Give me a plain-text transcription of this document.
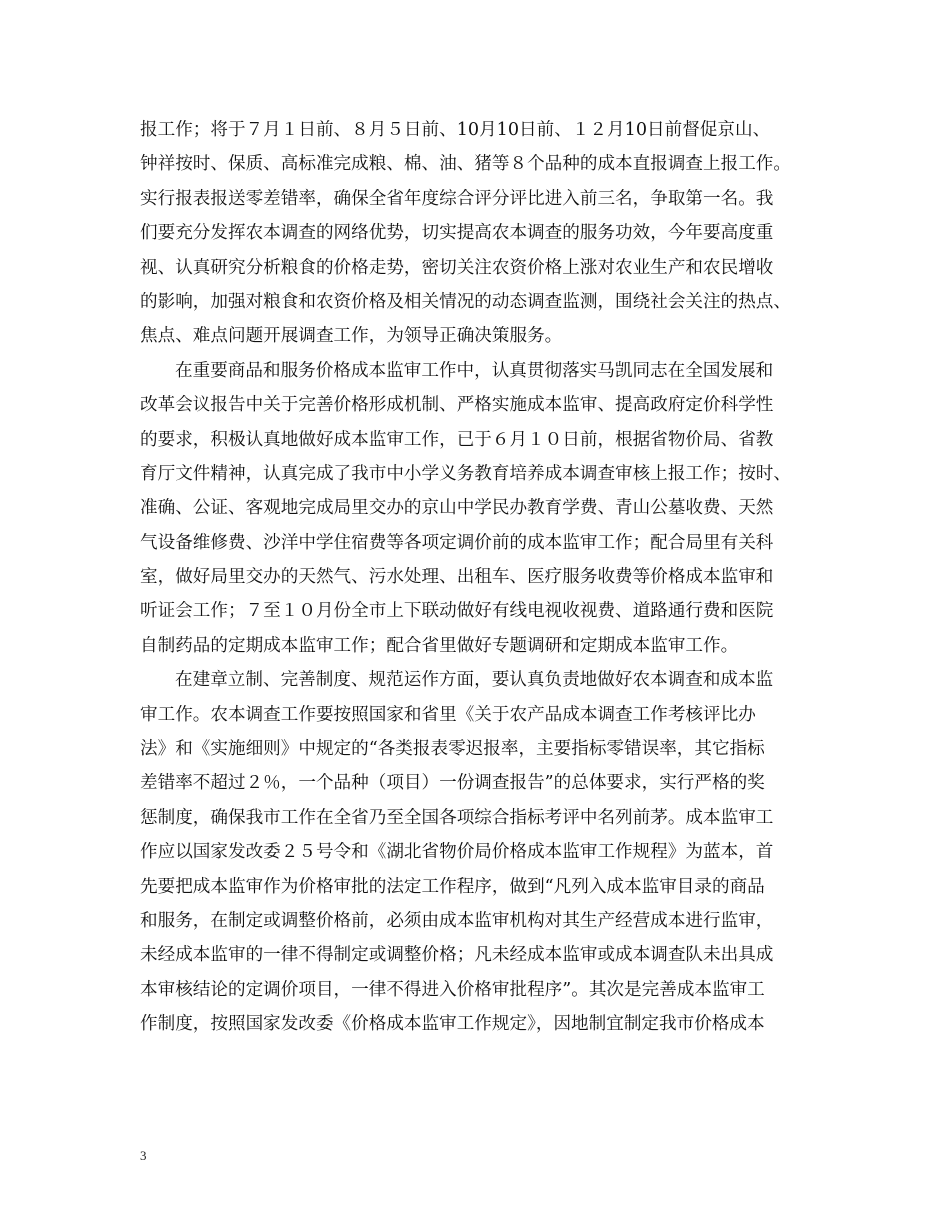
报工作；将于７月１日前、８月５日前、10月10日前、１２月10日前督促京山、
钟祥按时、保质、高标准完成粮、棉、油、猪等８个品种的成本直报调查上报工作。
实行报表报送零差错率，确保全省年度综合评分评比进入前三名，争取第一名。我
们要充分发挥农本调查的网络优势，切实提高农本调查的服务功效，今年要高度重
视、认真研究分析粮食的价格走势，密切关注农资价格上涨对农业生产和农民增收
的影响，加强对粮食和农资价格及相关情况的动态调查监测，围绕社会关注的热点、
焦点、难点问题开展调查工作，为领导正确决策服务。
在重要商品和服务价格成本监审工作中，认真贯彻落实马凯同志在全国发展和
改革会议报告中关于完善价格形成机制、严格实施成本监审、提高政府定价科学性
的要求，积极认真地做好成本监审工作，已于６月１０日前，根据省物价局、省教
育厅文件精神，认真完成了我市中小学义务教育培养成本调查审核上报工作；按时、
准确、公证、客观地完成局里交办的京山中学民办教育学费、青山公墓收费、天然
气设备维修费、沙洋中学住宿费等各项定调价前的成本监审工作；配合局里有关科
室，做好局里交办的天然气、污水处理、出租车、医疗服务收费等价格成本监审和
听证会工作；７至１０月份全市上下联动做好有线电视收视费、道路通行费和医院
自制药品的定期成本监审工作；配合省里做好专题调研和定期成本监审工作。
在建章立制、完善制度、规范运作方面，要认真负责地做好农本调查和成本监
审工作。农本调查工作要按照国家和省里《关于农产品成本调查工作考核评比办
法》和《实施细则》中规定的“各类报表零迟报率，主要指标零错误率，其它指标
差错率不超过２％，一个品种（项目）一份调查报告”的总体要求，实行严格的奖
惩制度，确保我市工作在全省乃至全国各项综合指标考评中名列前茅。成本监审工
作应以国家发改委２５号令和《湖北省物价局价格成本监审工作规程》为蓝本，首
先要把成本监审作为价格审批的法定工作程序，做到“凡列入成本监审目录的商品
和服务，在制定或调整价格前，必须由成本监审机构对其生产经营成本进行监审，
未经成本监审的一律不得制定或调整价格；凡未经成本监审或成本调查队未出具成
本审核结论的定调价项目，一律不得进入价格审批程序”。其次是完善成本监审工
作制度，按照国家发改委《价格成本监审工作规定》，因地制宜制定我市价格成本
3
